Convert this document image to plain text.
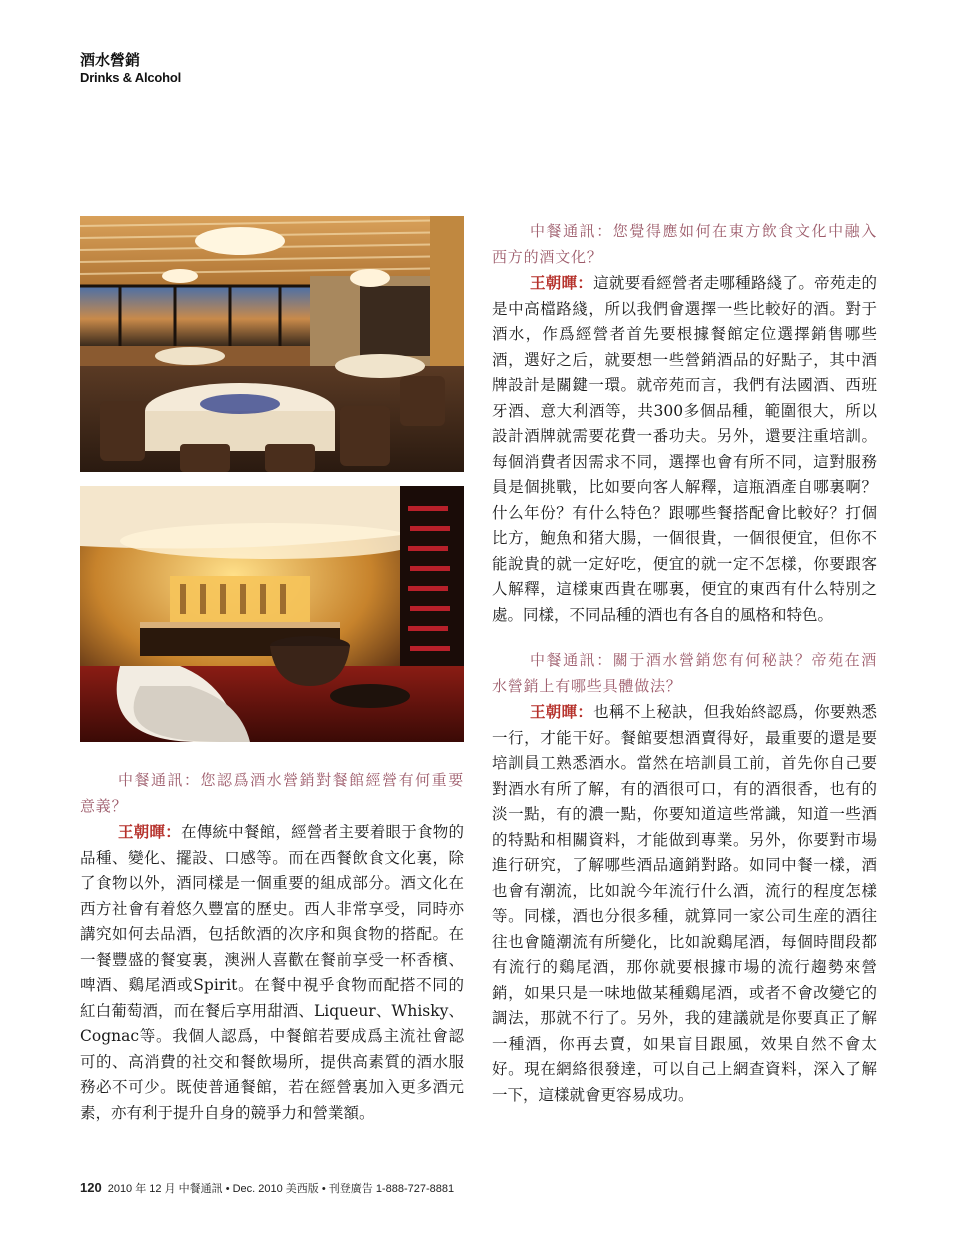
酒水營銷
Drinks & Alcohol

中餐通訊：您認爲酒水營銷對餐館經營有何重要意義？

王朝暉：在傳統中餐館，經營者主要着眼于食物的品種、變化、擺設、口感等。而在西餐飲食文化裏，除了食物以外，酒同樣是一個重要的組成部分。酒文化在西方社會有着悠久豐富的歷史。西人非常享受，同時亦講究如何去品酒，包括飲酒的次序和與食物的搭配。在一餐豐盛的餐宴裏，澳洲人喜歡在餐前享受一杯香檳、啤酒、鷄尾酒或Spirit。在餐中視乎食物而配搭不同的紅白葡萄酒，而在餐后享用甜酒、Liqueur、Whisky、Cognac等。我個人認爲，中餐館若要成爲主流社會認可的、高消費的社交和餐飲場所，提供高素質的酒水服務必不可少。既使普通餐館，若在經營裏加入更多酒元素，亦有利于提升自身的競爭力和營業額。

中餐通訊：您覺得應如何在東方飲食文化中融入西方的酒文化？

王朝暉：這就要看經營者走哪種路綫了。帝苑走的是中高檔路綫，所以我們會選擇一些比較好的酒。對于酒水，作爲經營者首先要根據餐館定位選擇銷售哪些酒，選好之后，就要想一些營銷酒品的好點子，其中酒牌設計是關鍵一環。就帝苑而言，我們有法國酒、西班牙酒、意大利酒等，共300多個品種，範圍很大，所以設計酒牌就需要花費一番功夫。另外，還要注重培訓。每個消費者因需求不同，選擇也會有所不同，這對服務員是個挑戰，比如要向客人解釋，這瓶酒產自哪裏啊？什么年份？有什么特色？跟哪些餐搭配會比較好？打個比方，鮑魚和猪大腸，一個很貴，一個很便宜，但你不能說貴的就一定好吃，便宜的就一定不怎樣，你要跟客人解釋，這樣東西貴在哪裏，便宜的東西有什么特別之處。同樣，不同品種的酒也有各自的風格和特色。

中餐通訊：關于酒水營銷您有何秘訣？帝苑在酒水營銷上有哪些具體做法？

王朝暉：也稱不上秘訣，但我始終認爲，你要熟悉一行，才能干好。餐館要想酒賣得好，最重要的還是要培訓員工熟悉酒水。當然在培訓員工前，首先你自己要對酒水有所了解，有的酒很可口，有的酒很香，也有的淡一點，有的濃一點，你要知道這些常識，知道一些酒的特點和相關資料，才能做到專業。另外，你要對市場進行研究，了解哪些酒品適銷對路。如同中餐一樣，酒也會有潮流，比如說今年流行什么酒，流行的程度怎樣等。同樣，酒也分很多種，就算同一家公司生産的酒往往也會隨潮流有所變化，比如說鷄尾酒，每個時間段都有流行的鷄尾酒，那你就要根據市場的流行趨勢來營銷，如果只是一味地做某種鷄尾酒，或者不會改變它的調法，那就不行了。另外，我的建議就是你要真正了解一種酒，你再去賣，如果盲目跟風，效果自然不會太好。現在網絡很發達，可以自己上網查資料，深入了解一下，這樣就會更容易成功。

120 2010 年 12 月 中餐通訊 • Dec. 2010 美西版 • 刊登廣告 1-888-727-8881
